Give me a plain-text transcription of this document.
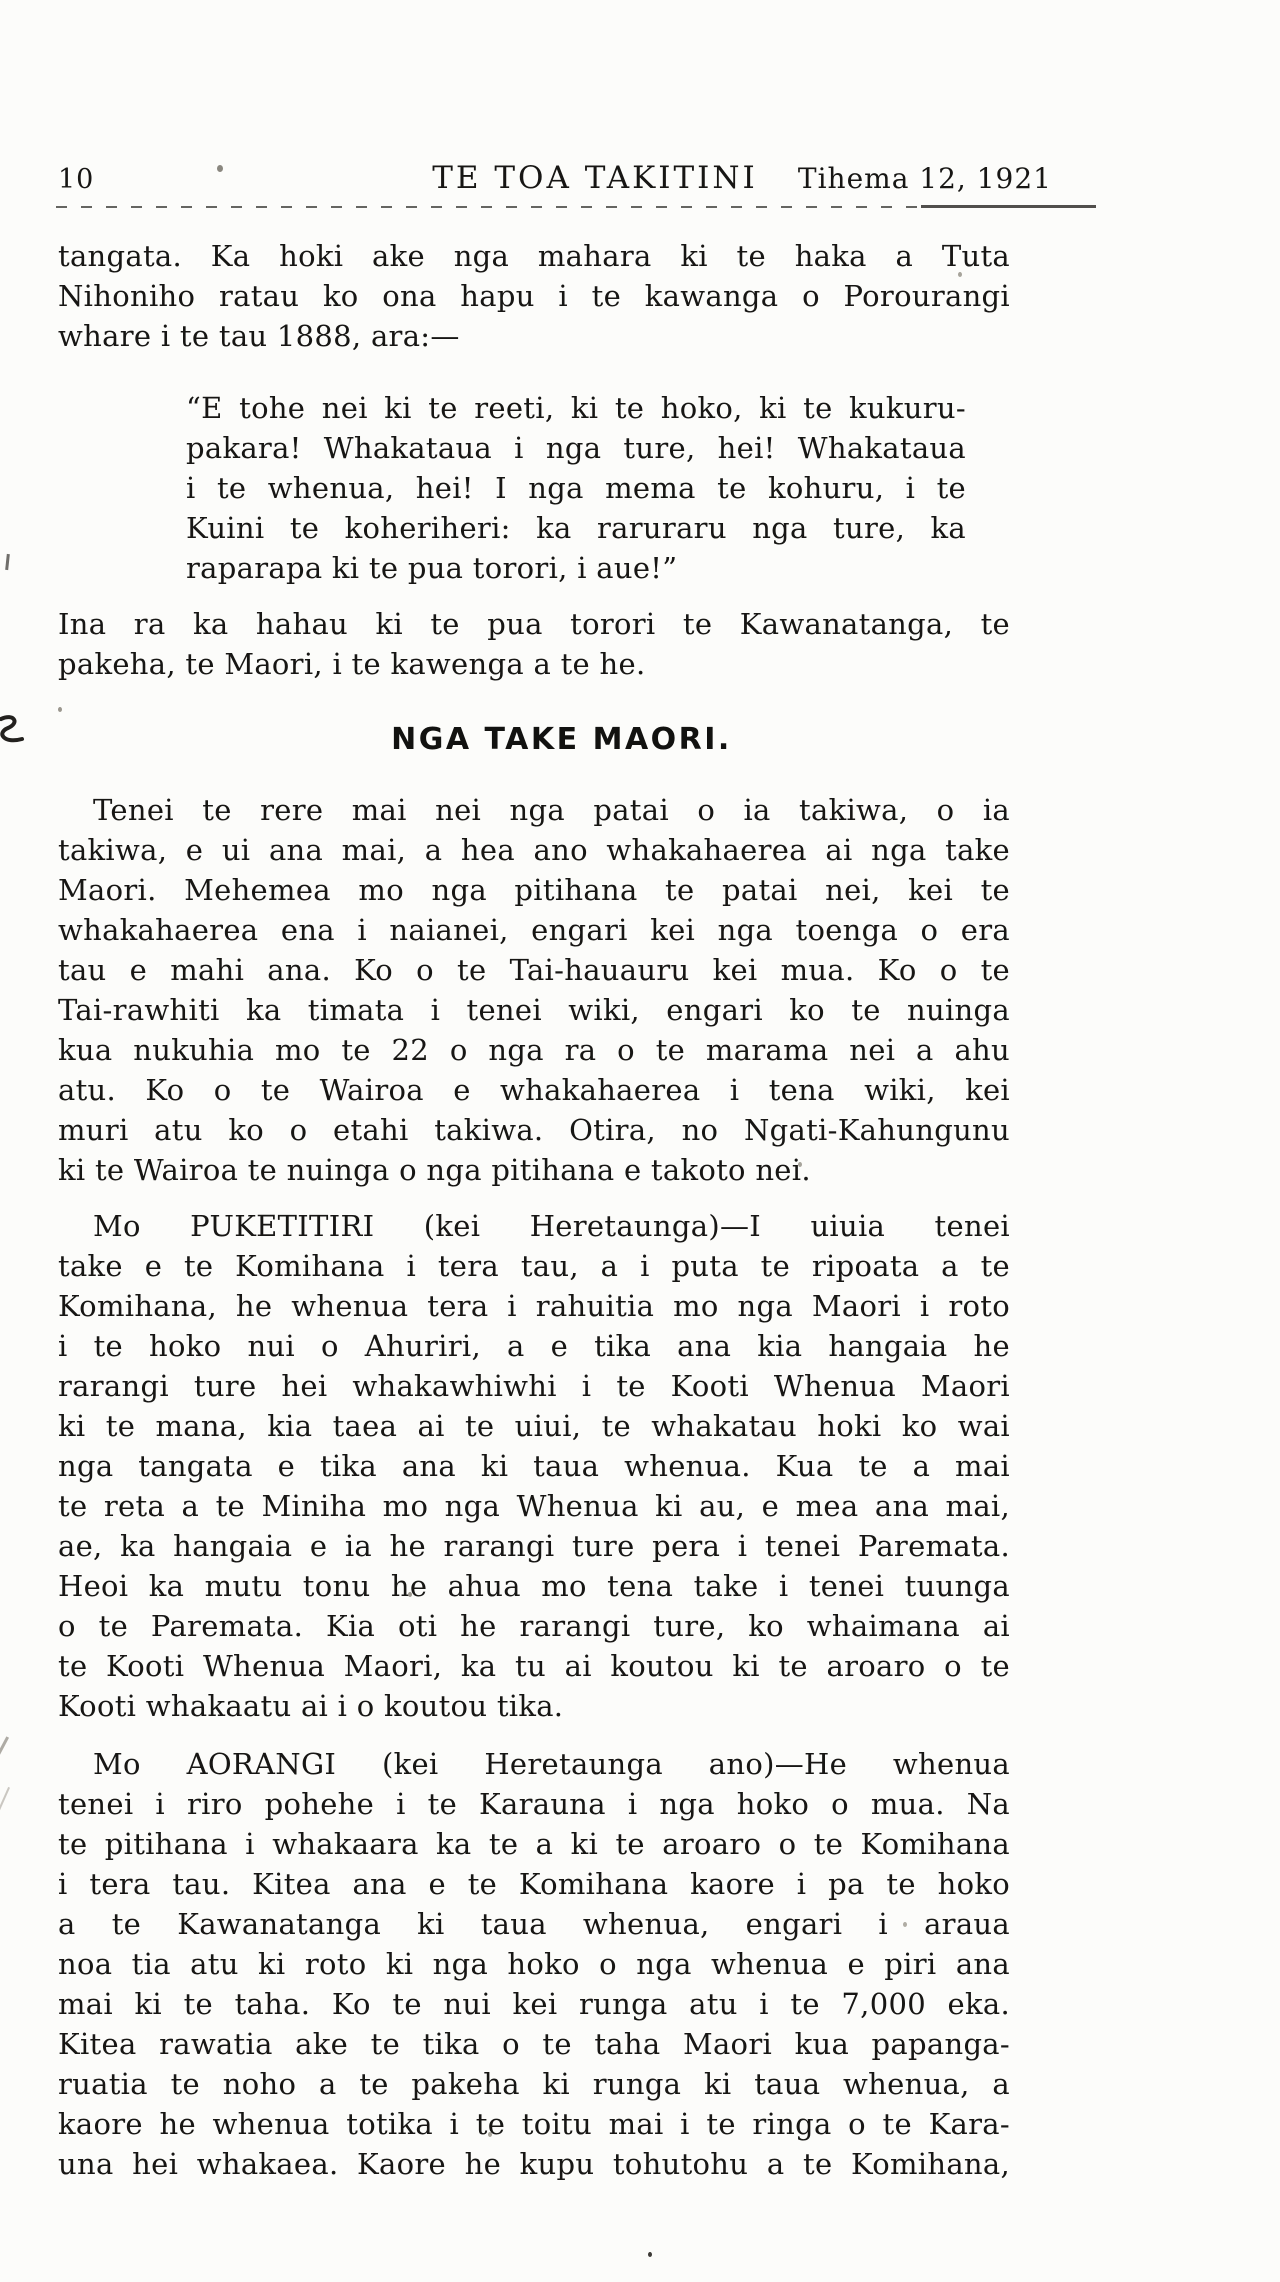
10	TE TOA TAKITINI	Tihema 12, 1921
tangata. Ka hoki ake nga mahara ki te haka a Tuta
Nihoniho ratau ko ona hapu i te kawanga o Porourangi
whare i te tau 1888, ara:—
“E tohe nei ki te reeti, ki te hoko, ki te kukuru-
pakara! Whakataua i nga ture, hei! Whakataua
i te whenua, hei! I nga mema te kohuru, i te
Kuini te koheriheri: ka raruraru nga ture, ka
raparapa ki te pua torori, i aue!”
Ina ra ka hahau ki te pua torori te Kawanatanga, te
pakeha, te Maori, i te kawenga a te he.
NGA TAKE MAORI.
Tenei te rere mai nei nga patai o ia takiwa, o ia
takiwa, e ui ana mai, a hea ano whakahaerea ai nga take
Maori. Mehemea mo nga pitihana te patai nei, kei te
whakahaerea ena i naianei, engari kei nga toenga o era
tau e mahi ana. Ko o te Tai-hauauru kei mua. Ko o te
Tai-rawhiti ka timata i tenei wiki, engari ko te nuinga
kua nukuhia mo te 22 o nga ra o te marama nei a ahu
atu. Ko o te Wairoa e whakahaerea i tena wiki, kei
muri atu ko o etahi takiwa. Otira, no Ngati-Kahungunu
ki te Wairoa te nuinga o nga pitihana e takoto nei.
Mo PUKETITIRI (kei Heretaunga)—I uiuia tenei
take e te Komihana i tera tau, a i puta te ripoata a te
Komihana, he whenua tera i rahuitia mo nga Maori i roto
i te hoko nui o Ahuriri, a e tika ana kia hangaia he
rarangi ture hei whakawhiwhi i te Kooti Whenua Maori
ki te mana, kia taea ai te uiui, te whakatau hoki ko wai
nga tangata e tika ana ki taua whenua. Kua te a mai
te reta a te Miniha mo nga Whenua ki au, e mea ana mai,
ae, ka hangaia e ia he rarangi ture pera i tenei Paremata.
Heoi ka mutu tonu he ahua mo tena take i tenei tuunga
o te Paremata. Kia oti he rarangi ture, ko whaimana ai
te Kooti Whenua Maori, ka tu ai koutou ki te aroaro o te
Kooti whakaatu ai i o koutou tika.
Mo AORANGI (kei Heretaunga ano)—He whenua
tenei i riro pohehe i te Karauna i nga hoko o mua. Na
te pitihana i whakaara ka te a ki te aroaro o te Komihana
i tera tau. Kitea ana e te Komihana kaore i pa te hoko
a te Kawanatanga ki taua whenua, engari i araua
noa tia atu ki roto ki nga hoko o nga whenua e piri ana
mai ki te taha. Ko te nui kei runga atu i te 7,000 eka.
Kitea rawatia ake te tika o te taha Maori kua papanga-
ruatia te noho a te pakeha ki runga ki taua whenua, a
kaore he whenua totika i te toitu mai i te ringa o te Kara-
una hei whakaea. Kaore he kupu tohutohu a te Komihana,
